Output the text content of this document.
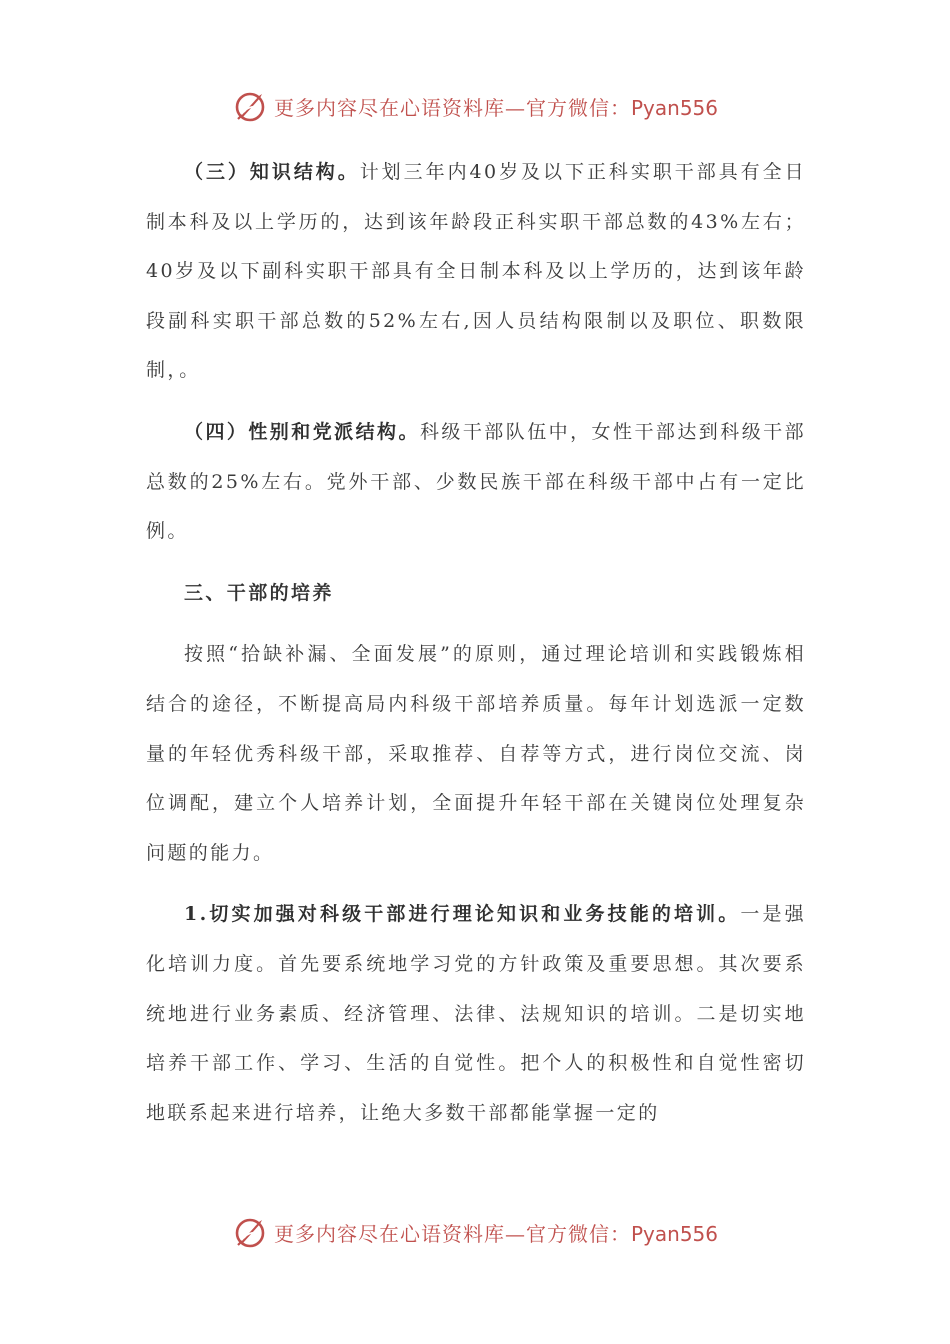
更多内容尽在心语资料库—官方微信：Pyan556

（三）知识结构。计划三年内40岁及以下正科实职干部具有全日制本科及以上学历的，达到该年龄段正科实职干部总数的43%左右；40岁及以下副科实职干部具有全日制本科及以上学历的，达到该年龄段副科实职干部总数的52%左右,因人员结构限制以及职位、职数限制，。

（四）性别和党派结构。科级干部队伍中，女性干部达到科级干部总数的25%左右。党外干部、少数民族干部在科级干部中占有一定比例。

三、干部的培养

按照“拾缺补漏、全面发展”的原则，通过理论培训和实践锻炼相结合的途径，不断提高局内科级干部培养质量。每年计划选派一定数量的年轻优秀科级干部，采取推荐、自荐等方式，进行岗位交流、岗位调配，建立个人培养计划，全面提升年轻干部在关键岗位处理复杂问题的能力。

1.切实加强对科级干部进行理论知识和业务技能的培训。一是强化培训力度。首先要系统地学习党的方针政策及重要思想。其次要系统地进行业务素质、经济管理、法律、法规知识的培训。二是切实地培养干部工作、学习、生活的自觉性。把个人的积极性和自觉性密切地联系起来进行培养，让绝大多数干部都能掌握一定的

更多内容尽在心语资料库—官方微信：Pyan556
